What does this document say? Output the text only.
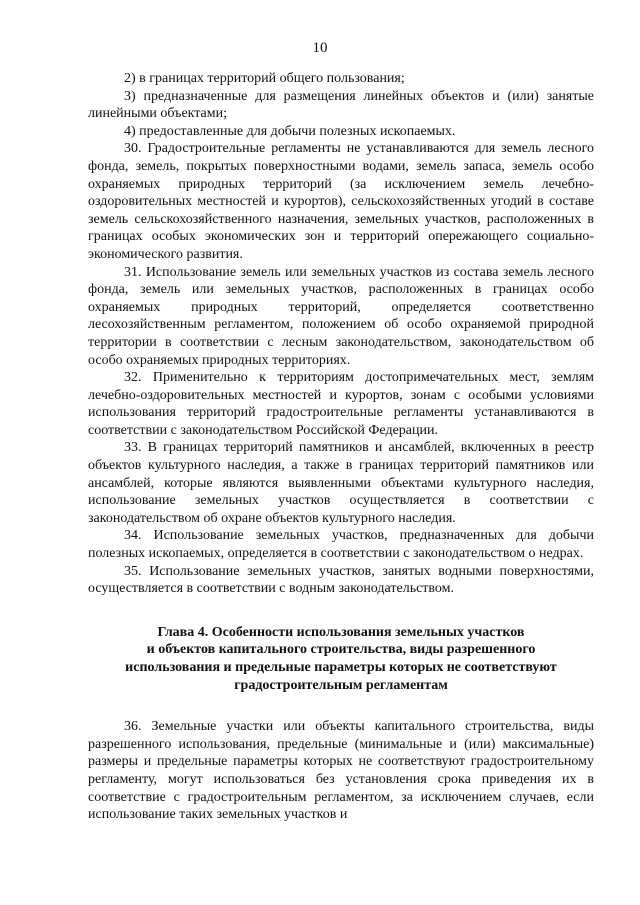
10

2) в границах территорий общего пользования;

3) предназначенные для размещения линейных объектов и (или) занятые линейными объектами;

4) предоставленные для добычи полезных ископаемых.

30. Градостроительные регламенты не устанавливаются для земель лесного фонда, земель, покрытых поверхностными водами, земель запаса, земель особо охраняемых природных территорий (за исключением земель лечебно-оздоровительных местностей и курортов), сельскохозяйственных угодий в составе земель сельскохозяйственного назначения, земельных участков, расположенных в границах особых экономических зон и территорий опережающего социально-экономического развития.

31. Использование земель или земельных участков из состава земель лесного фонда, земель или земельных участков, расположенных в границах особо охраняемых природных территорий, определяется соответственно лесохозяйственным регламентом, положением об особо охраняемой природной территории в соответствии с лесным законодательством, законодательством об особо охраняемых природных территориях.

32. Применительно к территориям достопримечательных мест, землям лечебно-оздоровительных местностей и курортов, зонам с особыми условиями использования территорий градостроительные регламенты устанавливаются в соответствии с законодательством Российской Федерации.

33. В границах территорий памятников и ансамблей, включенных в реестр объектов культурного наследия, а также в границах территорий памятников или ансамблей, которые являются выявленными объектами культурного наследия, использование земельных участков осуществляется в соответствии с законодательством об охране объектов культурного наследия.

34. Использование земельных участков, предназначенных для добычи полезных ископаемых, определяется в соответствии с законодательством о недрах.

35. Использование земельных участков, занятых водными поверхностями, осуществляется в соответствии с водным законодательством.

Глава 4. Особенности использования земельных участков
и объектов капитального строительства, виды разрешенного
использования и предельные параметры которых не соответствуют
градостроительным регламентам

36. Земельные участки или объекты капитального строительства, виды разрешенного использования, предельные (минимальные и (или) максимальные) размеры и предельные параметры которых не соответствуют градостроительному регламенту, могут использоваться без установления срока приведения их в соответствие с градостроительным регламентом, за исключением случаев, если использование таких земельных участков и
